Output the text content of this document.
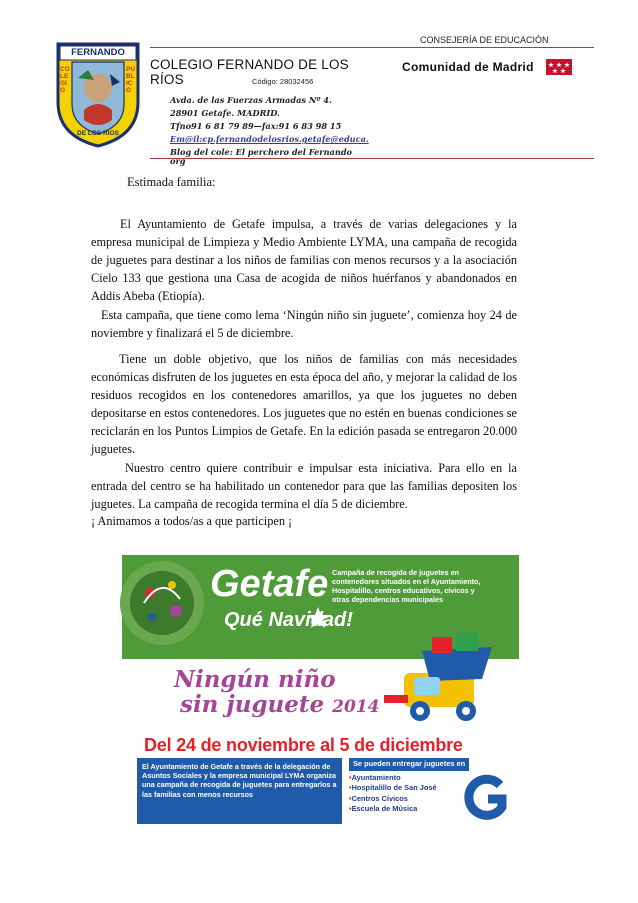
FERNANDO
COLEGIO
PUBLICO
DE LOS RIOS
CONSEJERÍA DE EDUCACIÓN
COLEGIO FERNANDO DE LOS RÍOS	Código: 28032456
Comunidad de Madrid
Avda. de las Fuerzas Armadas Nº 4.
28901 Getafe. MADRID.
Tfno91 6 81 79 89—fax:91 6 83 98 15
Em@il:cp.fernandodelosrios.getafe@educa.
Blog del cole: El perchero del Fernando
org
Estimada familia:

El Ayuntamiento de Getafe impulsa, a través de varias delegaciones y la empresa municipal de Limpieza y Medio Ambiente LYMA, una campaña de recogida de juguetes para destinar a los niños de familias con menos recursos y a la asociación Cielo 133 que gestiona una Casa de acogida de niños huérfanos y abandonados en Addis Abeba (Etiopía).

Esta campaña, que tiene como lema ‘Ningún niño sin juguete’, comienza hoy 24 de noviembre y finalizará el 5 de diciembre.

Tiene un doble objetivo, que los niños de familias con más necesidades económicas disfruten de los juguetes en esta época del año, y mejorar la calidad de los residuos recogidos en los contenedores amarillos, ya que los juguetes no deben depositarse en estos contenedores. Los juguetes que no estén en buenas condiciones se reciclarán en los Puntos Limpios de Getafe. En la edición pasada se entregaron 20.000 juguetes.

Nuestro centro quiere contribuir e impulsar esta iniciativa. Para ello en la entrada del centro se ha habilitado un contenedor para que las familias depositen los juguetes. La campaña de recogida termina el día 5 de diciembre.

¡ Animamos a todos/as a que participen ¡
Getafe
Qué Navidad!
Campaña de recogida de juguetes en contenedores situados en el Ayuntamiento, Hospitalillo, centros educativos, cívicos y otras dependencias municipales
Ningún niño
sin juguete 2014
Del 24 de noviembre al 5 de diciembre
El Ayuntamiento de Getafe a través de la delegación de Asuntos Sociales y la empresa municipal LYMA organiza una campaña de recogida de juguetes para entregarlos a las familias con menos recursos
Se pueden entregar juguetes en
• Ayuntamiento
• Hospitalillo de San José
• Centros Cívicos
• Escuela de Música
